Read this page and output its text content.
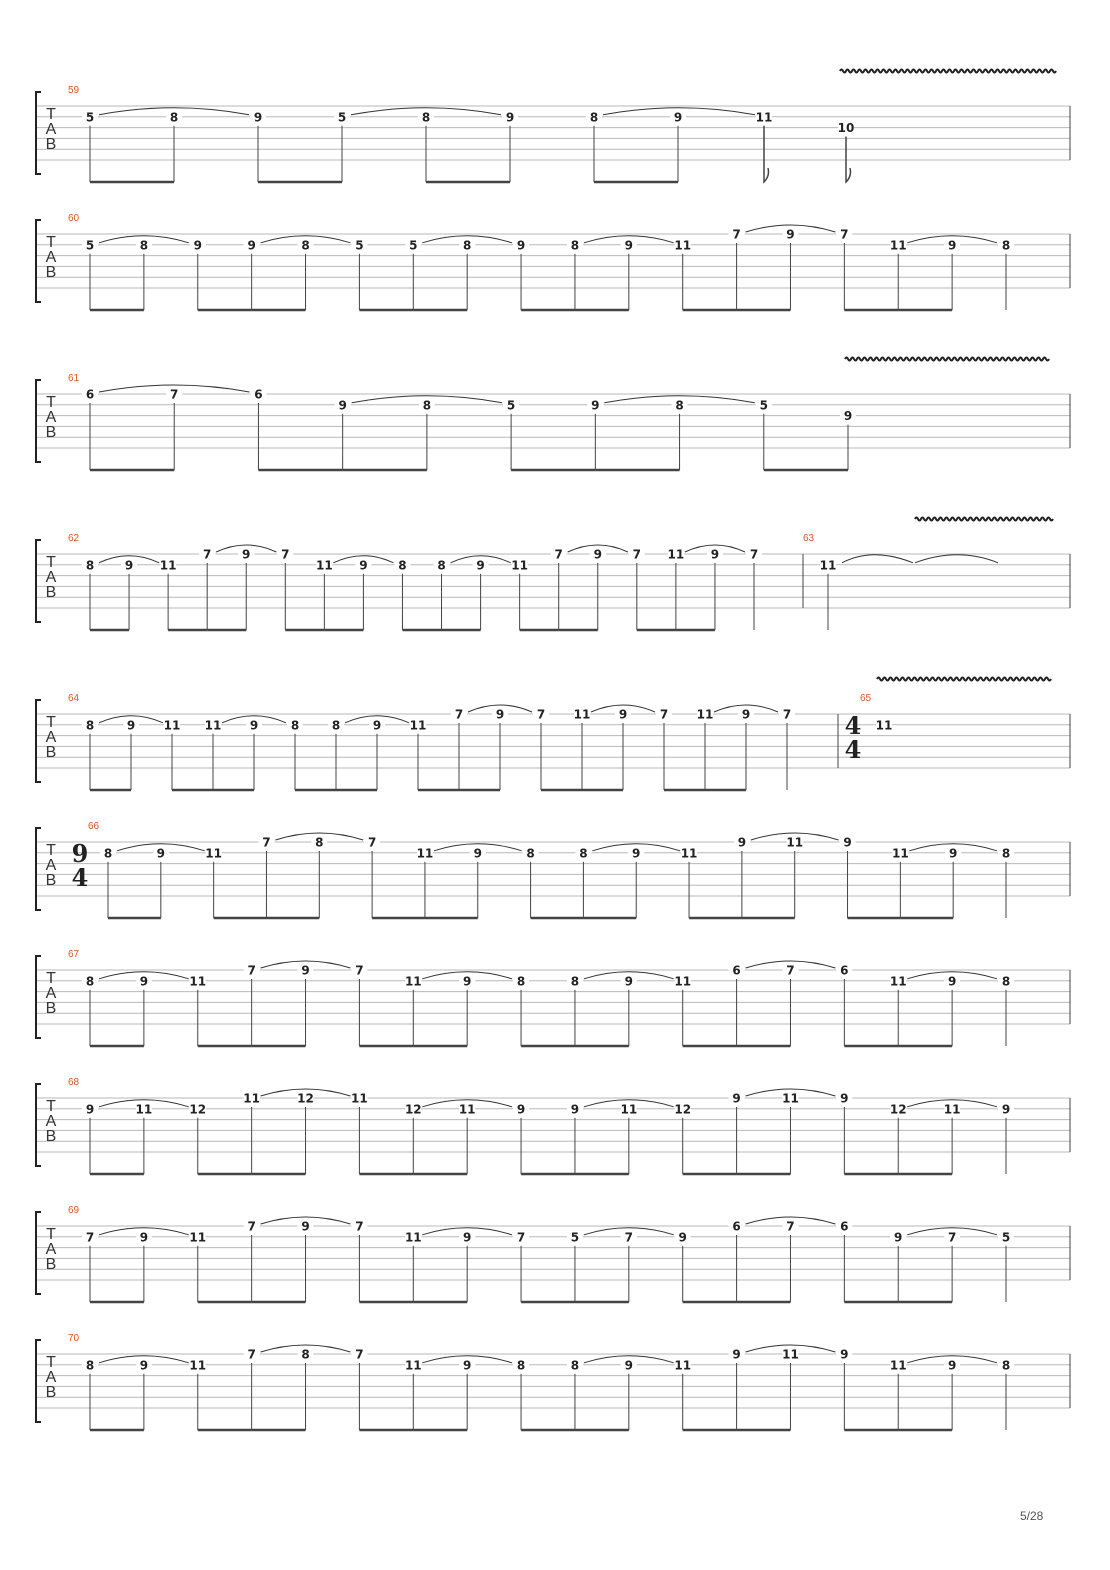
T
A
B
59
5	8	9	5	8	9	8	9	11
10
T
A
B
60
5	8	9	9	8	5	5	8	9	8	9	11
7	9	7
11	9	8
T
A
B
61
6	7	6
9	8	5	9	8	5
9
T
A
B
62
8	9 11
7	9	7
11 9	8	8	9 11
7	9	7 11 9	7
63
11
T
A
B
64
8	9 11 11 9	8	8	9 11
7	9	7 11 9	7 11 9	7
65
4
4
11
T
A
B
66
9
4
8	9	11
7	8	7
11	9	8	8	9	11
9	11	9
11	9	8
T
A
B
67
8	9	11
7	9	7
11	9	8	8	9	11
6	7	6
11	9	8
T
A
B
68
9	11	12
11	12	11
12	11	9	9	11	12
9	11	9
12	11	9
T
A
B
69
7	9	11
7	9	7
11	9	7	5	7	9
6	7	6
9	7	5
T
A
B
70
8	9	11
7	8	7
11	9	8	8	9	11
9	11	9
11	9	8
5/28
